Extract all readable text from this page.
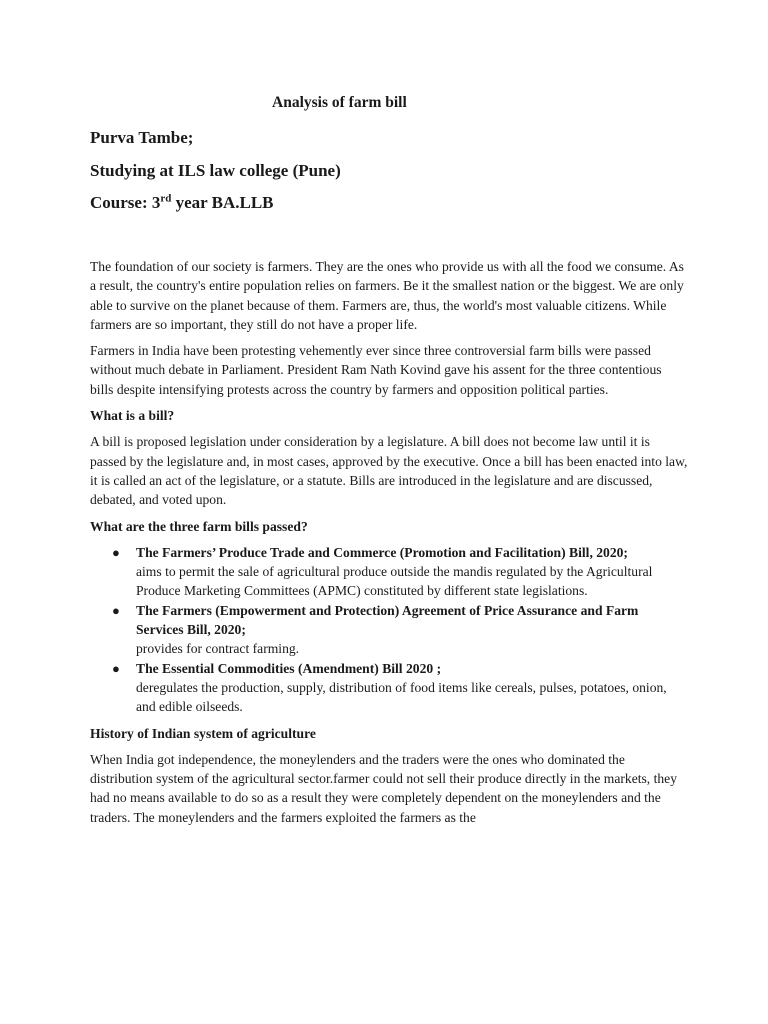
Analysis of farm bill
Purva Tambe;
Studying at ILS law college (Pune)
Course: 3rd year BA.LLB

The foundation of our society is farmers. They are the ones who provide us with all the food we consume. As a result, the country's entire population relies on farmers. Be it the smallest nation or the biggest. We are only able to survive on the planet because of them. Farmers are, thus, the world's most valuable citizens. While farmers are so important, they still do not have a proper life.

Farmers in India have been protesting vehemently ever since three controversial farm bills were passed without much debate in Parliament. President Ram Nath Kovind gave his assent for the three contentious bills despite intensifying protests across the country by farmers and opposition political parties.

What is a bill?

A bill is proposed legislation under consideration by a legislature. A bill does not become law until it is passed by the legislature and, in most cases, approved by the executive. Once a bill has been enacted into law, it is called an act of the legislature, or a statute. Bills are introduced in the legislature and are discussed, debated, and voted upon.

What are the three farm bills passed?
● The Farmers’ Produce Trade and Commerce (Promotion and Facilitation) Bill, 2020;
aims to permit the sale of agricultural produce outside the mandis regulated by the Agricultural Produce Marketing Committees (APMC) constituted by different state legislations.
● The Farmers (Empowerment and Protection) Agreement of Price Assurance and Farm Services Bill, 2020;
provides for contract farming.
● The Essential Commodities (Amendment) Bill 2020 ;
deregulates the production, supply, distribution of food items like cereals, pulses, potatoes, onion, and edible oilseeds.
History of Indian system of agriculture

When India got independence, the moneylenders and the traders were the ones who dominated the distribution system of the agricultural sector.farmer could not sell their produce directly in the markets, they had no means available to do so as a result they were completely dependent on the moneylenders and the traders. The moneylenders and the farmers exploited the farmers as the
